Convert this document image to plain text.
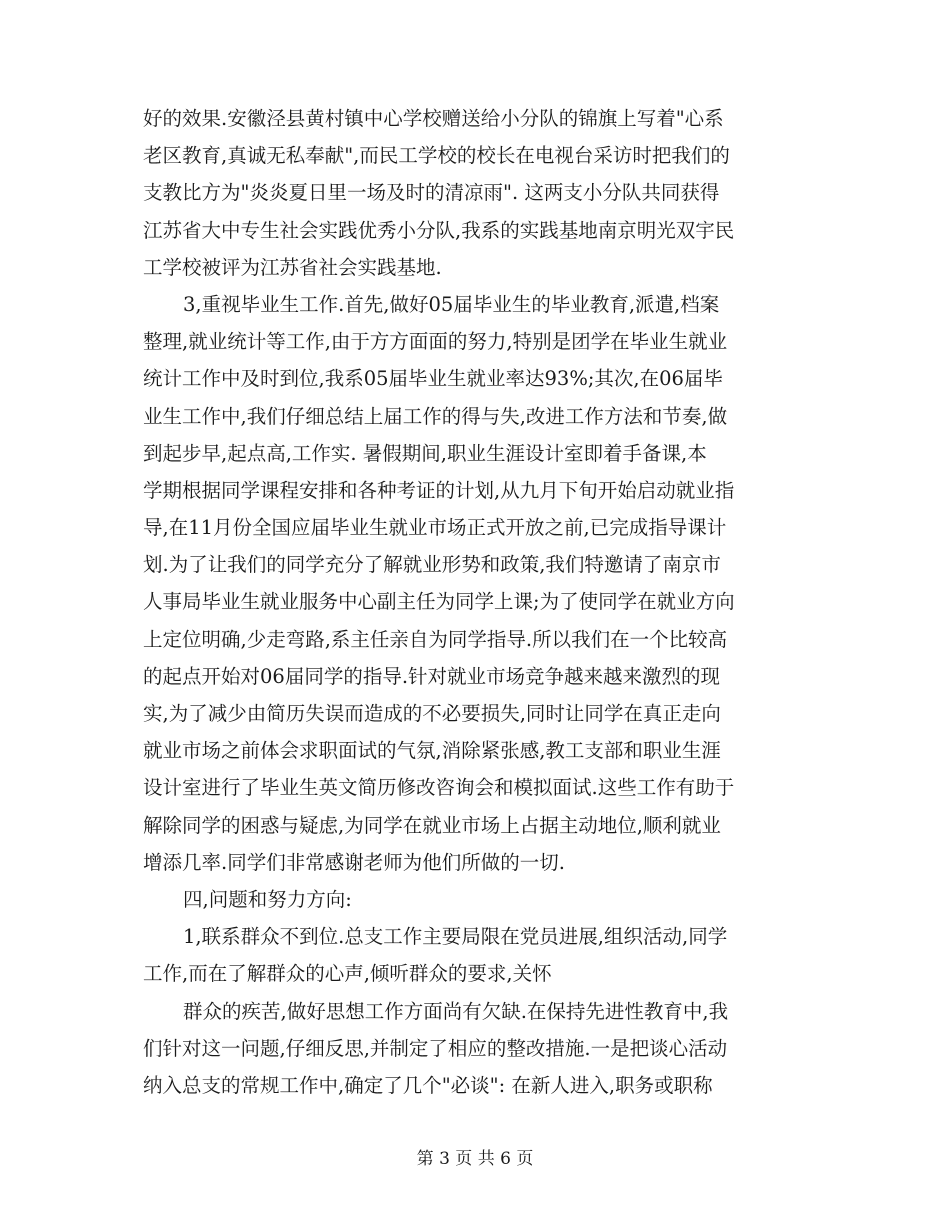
好的效果.安徽泾县黄村镇中心学校赠送给小分队的锦旗上写着"心系
老区教育,真诚无私奉献",而民工学校的校长在电视台采访时把我们的
支教比方为"炎炎夏日里一场及时的清凉雨". 这两支小分队共同获得
江苏省大中专生社会实践优秀小分队,我系的实践基地南京明光双宇民
工学校被评为江苏省社会实践基地.
3,重视毕业生工作.首先,做好05届毕业生的毕业教育,派遣,档案
整理,就业统计等工作,由于方方面面的努力,特别是团学在毕业生就业
统计工作中及时到位,我系05届毕业生就业率达93%;其次,在06届毕
业生工作中,我们仔细总结上届工作的得与失,改进工作方法和节奏,做
到起步早,起点高,工作实. 暑假期间,职业生涯设计室即着手备课,本
学期根据同学课程安排和各种考证的计划,从九月下旬开始启动就业指
导,在11月份全国应届毕业生就业市场正式开放之前,已完成指导课计
划.为了让我们的同学充分了解就业形势和政策,我们特邀请了南京市
人事局毕业生就业服务中心副主任为同学上课;为了使同学在就业方向
上定位明确,少走弯路,系主任亲自为同学指导.所以我们在一个比较高
的起点开始对06届同学的指导.针对就业市场竞争越来越来激烈的现
实,为了减少由简历失误而造成的不必要损失,同时让同学在真正走向
就业市场之前体会求职面试的气氛,消除紧张感,教工支部和职业生涯
设计室进行了毕业生英文简历修改咨询会和模拟面试.这些工作有助于
解除同学的困惑与疑虑,为同学在就业市场上占据主动地位,顺利就业
增添几率.同学们非常感谢老师为他们所做的一切.
四,问题和努力方向:
1,联系群众不到位.总支工作主要局限在党员进展,组织活动,同学
工作,而在了解群众的心声,倾听群众的要求,关怀
群众的疾苦,做好思想工作方面尚有欠缺.在保持先进性教育中,我
们针对这一问题,仔细反思,并制定了相应的整改措施.一是把谈心活动
纳入总支的常规工作中,确定了几个"必谈": 在新人进入,职务或职称
第 3 页 共 6 页
